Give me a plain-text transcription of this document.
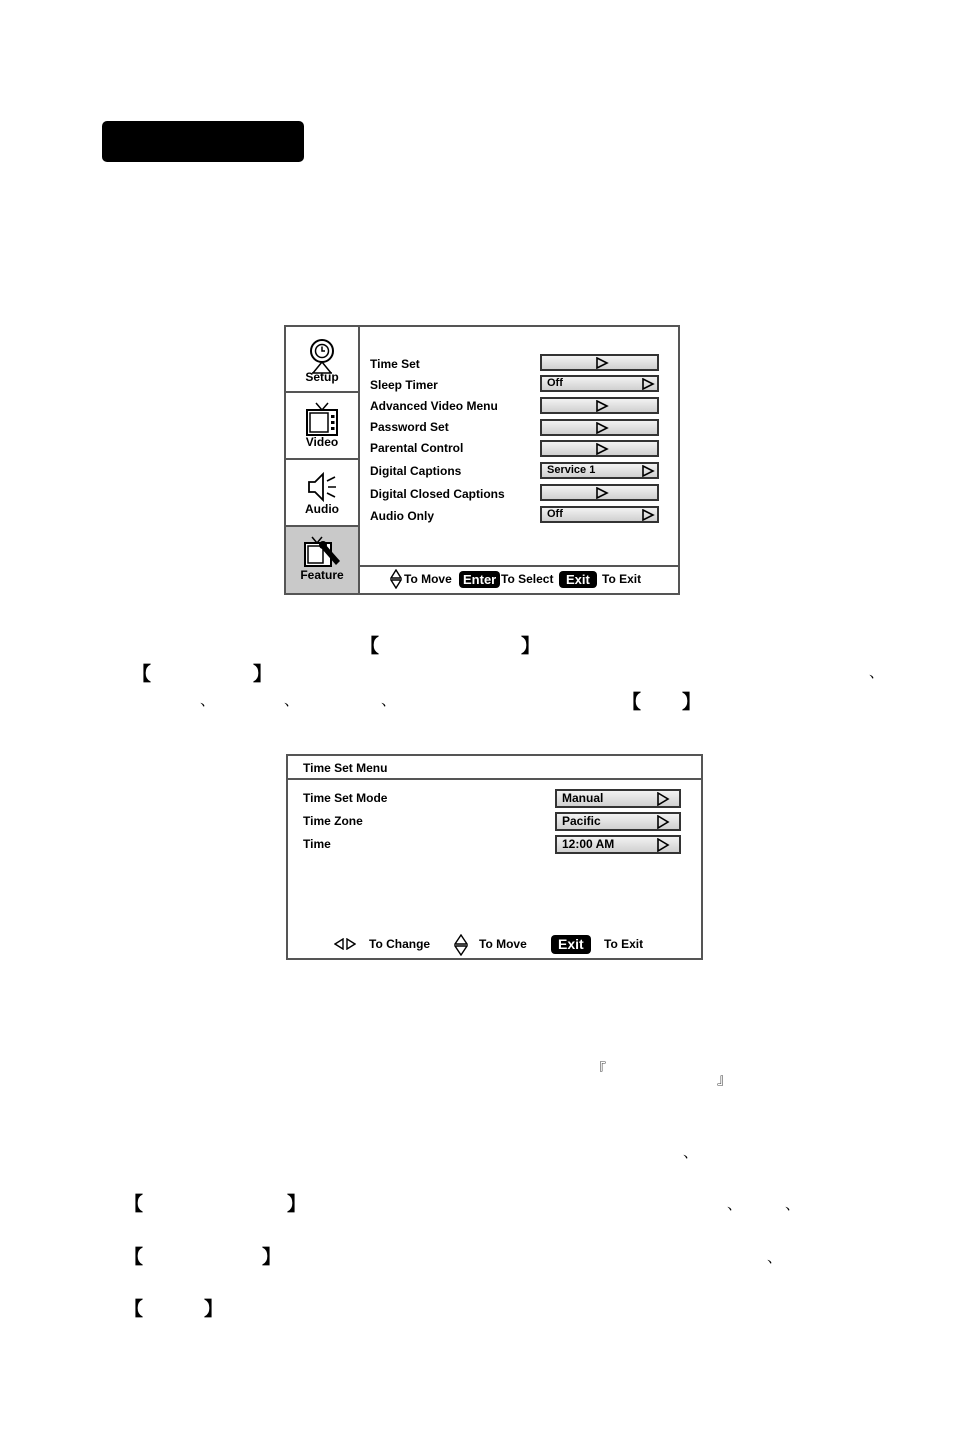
Setup
Video
Audio
Feature
Time Set
Sleep Timer	Off
Advanced Video Menu
Password Set
Parental Control
Digital Captions	Service 1
Digital Closed Captions
Audio Only	Off
To Move Enter To Select Exit	To Exit
【	】
【	】	、
、	、	、	【 】
Time Set Menu
Time Set Mode	Manual
Time Zone	Pacific
Time	12:00 AM
To Change	To Move	Exit	To Exit
『
』
、
【	】	、	、
【	】	、
【	】
